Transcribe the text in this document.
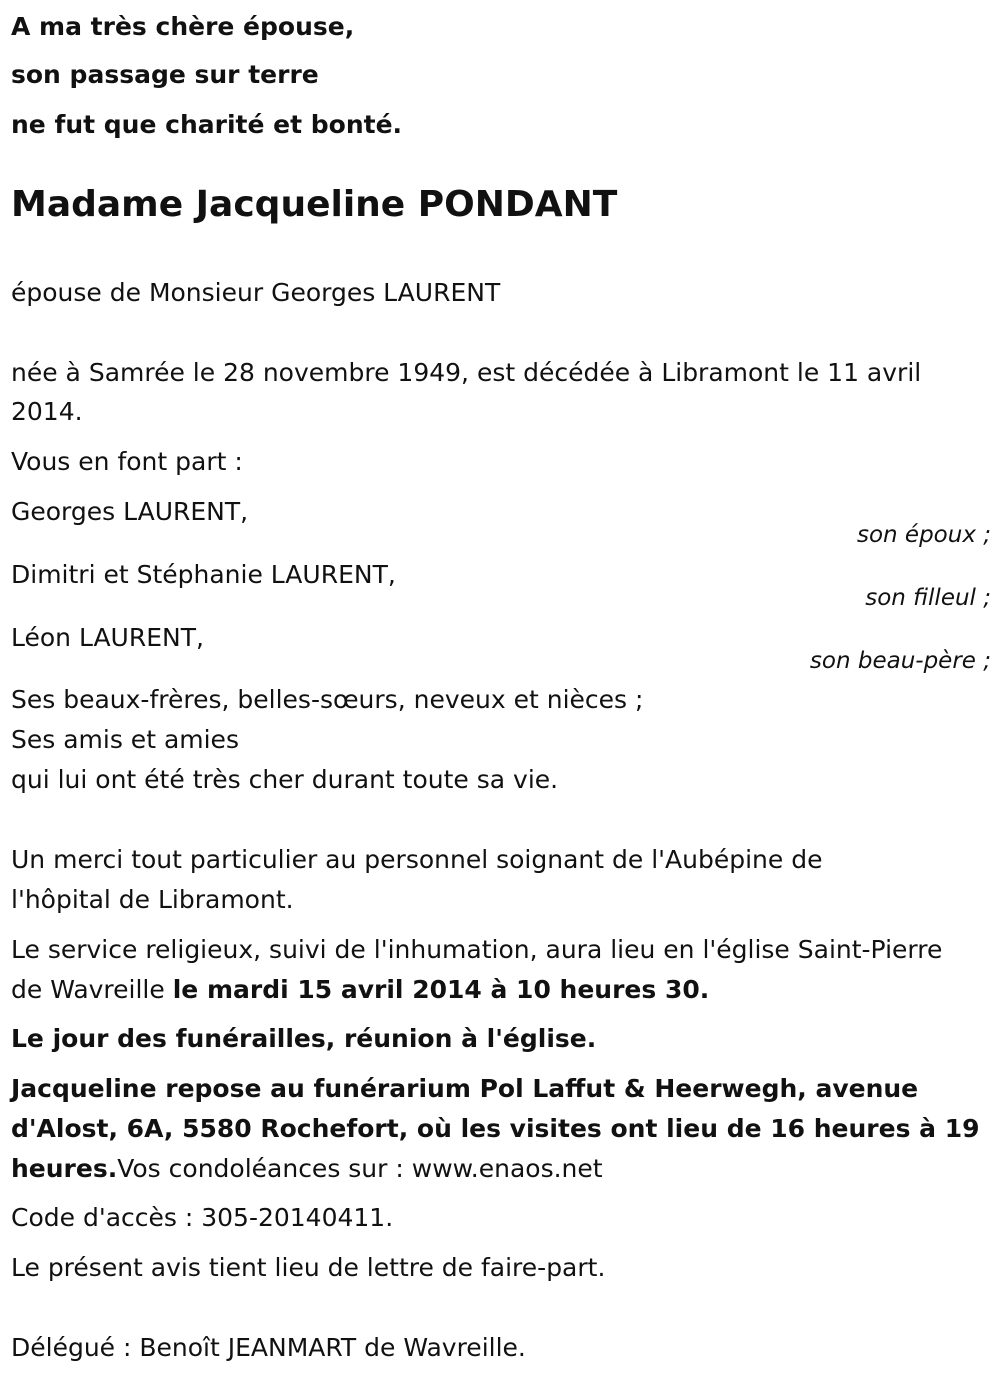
A ma très chère épouse,
son passage sur terre
ne fut que charité et bonté.
Madame Jacqueline PONDANT
épouse de Monsieur Georges LAURENT
née à Samrée le 28 novembre 1949, est décédée à Libramont le 11 avril
2014.
Vous en font part :
Georges LAURENT,
son époux ;
Dimitri et Stéphanie LAURENT,
son filleul ;
Léon LAURENT,
son beau-père ;
Ses beaux-frères, belles-sœurs, neveux et nièces ;
Ses amis et amies
qui lui ont été très cher durant toute sa vie.
Un merci tout particulier au personnel soignant de l'Aubépine de
l'hôpital de Libramont.
Le service religieux, suivi de l'inhumation, aura lieu en l'église Saint-Pierre
de Wavreille le mardi 15 avril 2014 à 10 heures 30.
Le jour des funérailles, réunion à l'église.
Jacqueline repose au funérarium Pol Laffut & Heerwegh, avenue
d'Alost, 6A, 5580 Rochefort, où les visites ont lieu de 16 heures à 19
heures.Vos condoléances sur : www.enaos.net
Code d'accès : 305-20140411.
Le présent avis tient lieu de lettre de faire-part.
Délégué : Benoît JEANMART de Wavreille.
